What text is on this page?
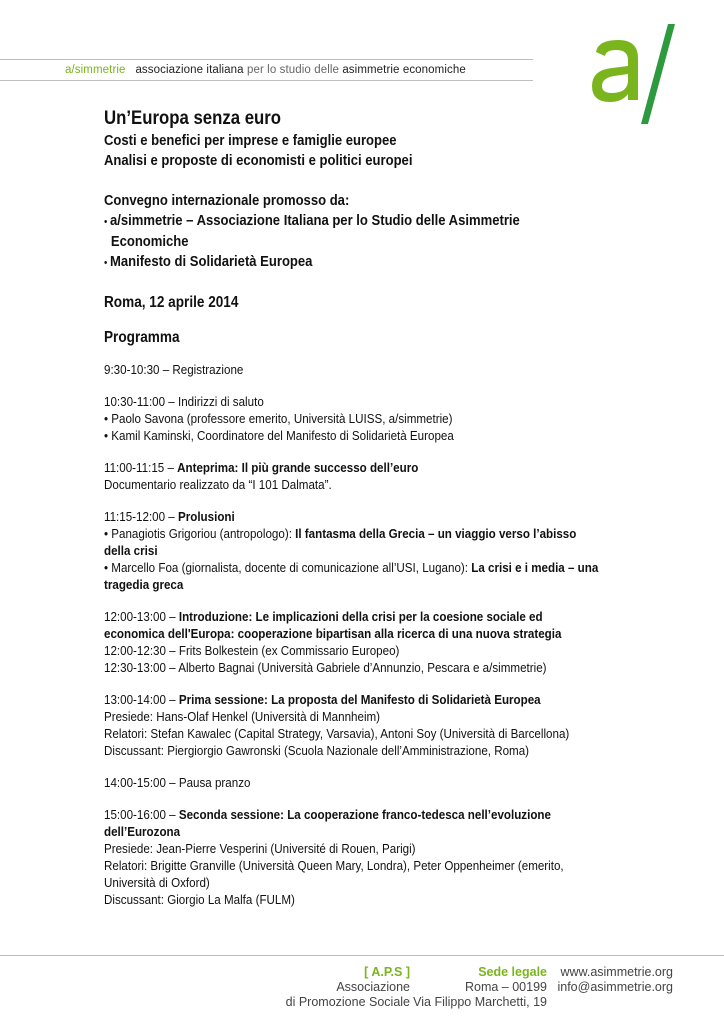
a/simmetrie associazione italiana per lo studio delle asimmetrie economiche
Un’Europa senza euro
Costi e benefici per imprese e famiglie europee
Analisi e proposte di economisti e politici europei
Convegno internazionale promosso da:
• a/simmetrie – Associazione Italiana per lo Studio delle Asimmetrie
Economiche
• Manifesto di Solidarietà Europea
Roma, 12 aprile 2014
Programma
9:30-10:30 – Registrazione
10:30-11:00 – Indirizzi di saluto
• Paolo Savona (professore emerito, Università LUISS, a/simmetrie)
• Kamil Kaminski, Coordinatore del Manifesto di Solidarietà Europea
11:00-11:15 – Anteprima: Il più grande successo dell’euro
Documentario realizzato da “I 101 Dalmata”.
11:15-12:00 – Prolusioni
• Panagiotis Grigoriou (antropologo): Il fantasma della Grecia – un viaggio verso l’abisso
della crisi
• Marcello Foa (giornalista, docente di comunicazione all’USI, Lugano): La crisi e i media – una
tragedia greca
12:00-13:00 – Introduzione: Le implicazioni della crisi per la coesione sociale ed
economica dell'Europa: cooperazione bipartisan alla ricerca di una nuova strategia
12:00-12:30 – Frits Bolkestein (ex Commissario Europeo)
12:30-13:00 – Alberto Bagnai (Università Gabriele d’Annunzio, Pescara e a/simmetrie)
13:00-14:00 – Prima sessione: La proposta del Manifesto di Solidarietà Europea
Presiede: Hans-Olaf Henkel (Università di Mannheim)
Relatori: Stefan Kawalec (Capital Strategy, Varsavia), Antoni Soy (Università di Barcellona)
Discussant: Piergiorgio Gawronski (Scuola Nazionale dell’Amministrazione, Roma)
14:00-15:00 – Pausa pranzo
15:00-16:00 – Seconda sessione: La cooperazione franco-tedesca nell’evoluzione
dell’Eurozona
Presiede: Jean-Pierre Vesperini (Université di Rouen, Parigi)
Relatori: Brigitte Granville (Università Queen Mary, Londra), Peter Oppenheimer (emerito,
Università di Oxford)
Discussant: Giorgio La Malfa (FULM)
[ A.P.S ]
Associazione
di Promozione Sociale
Sede legale
Roma – 00199
Via Filippo Marchetti, 19
www.asimmetrie.org
info@asimmetrie.org
